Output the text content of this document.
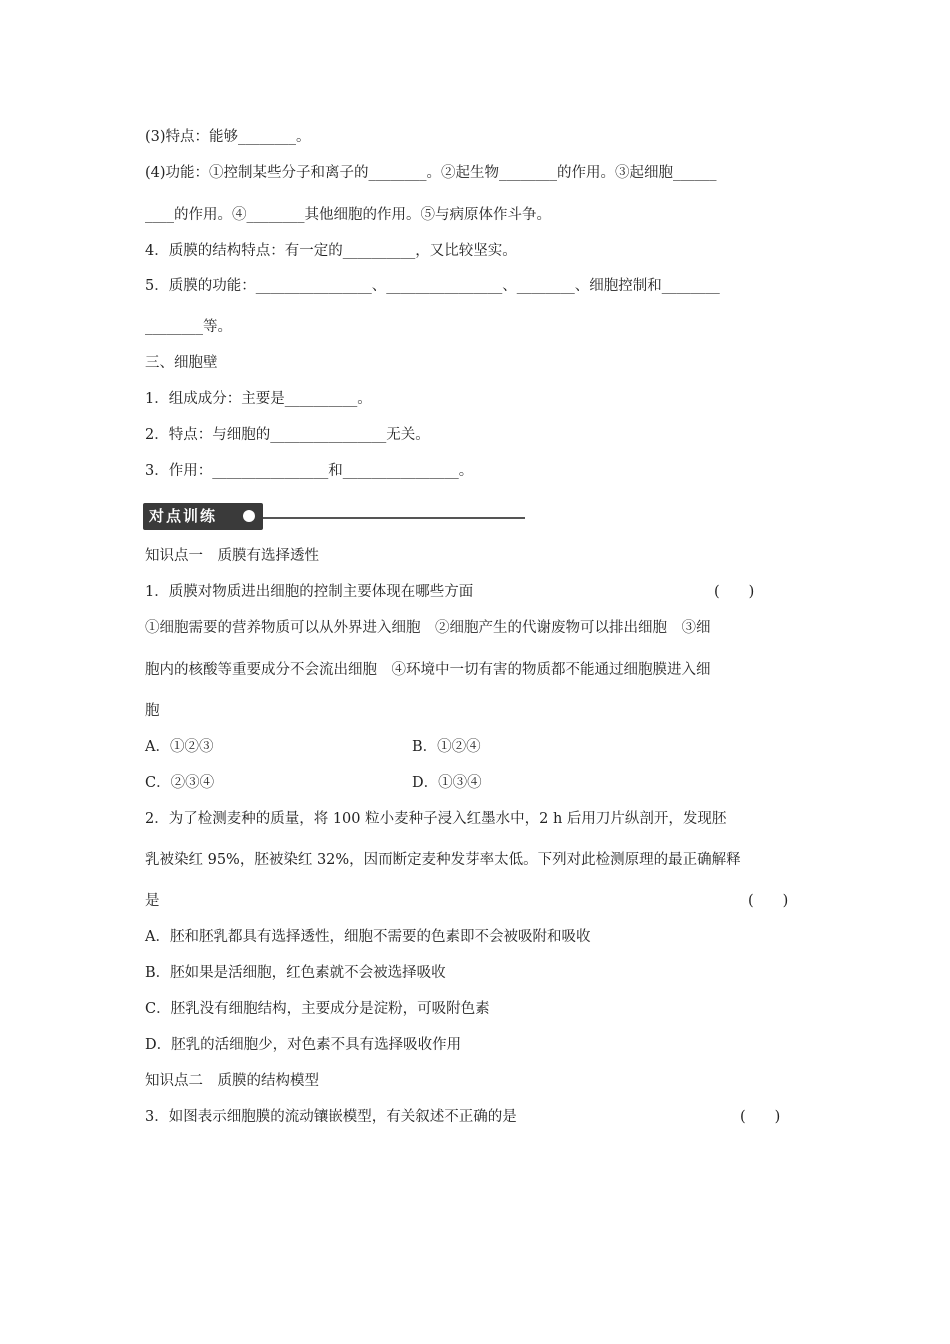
(3)特点：能够________。
(4)功能：①控制某些分子和离子的________。②起生物________的作用。③起细胞______
____的作用。④________其他细胞的作用。⑤与病原体作斗争。
4．质膜的结构特点：有一定的__________，又比较坚实。
5．质膜的功能：________________、________________、________、细胞控制和________
________等。
三、细胞壁
1．组成成分：主要是__________。
2．特点：与细胞的________________无关。
3．作用：________________和________________。
对点训练
知识点一　质膜有选择透性
1．质膜对物质进出细胞的控制主要体现在哪些方面	(　　)
①细胞需要的营养物质可以从外界进入细胞　②细胞产生的代谢废物可以排出细胞　③细
胞内的核酸等重要成分不会流出细胞　④环境中一切有害的物质都不能通过细胞膜进入细
胞
A．①②③	B．①②④
C．②③④	D．①③④
2．为了检测麦种的质量，将 100 粒小麦种子浸入红墨水中，2 h 后用刀片纵剖开，发现胚
乳被染红 95%，胚被染红 32%，因而断定麦种发芽率太低。下列对此检测原理的最正确解释
是	(　　)
A．胚和胚乳都具有选择透性，细胞不需要的色素即不会被吸附和吸收
B．胚如果是活细胞，红色素就不会被选择吸收
C．胚乳没有细胞结构，主要成分是淀粉，可吸附色素
D．胚乳的活细胞少，对色素不具有选择吸收作用
知识点二　质膜的结构模型
3．如图表示细胞膜的流动镶嵌模型，有关叙述不正确的是	(　　)
